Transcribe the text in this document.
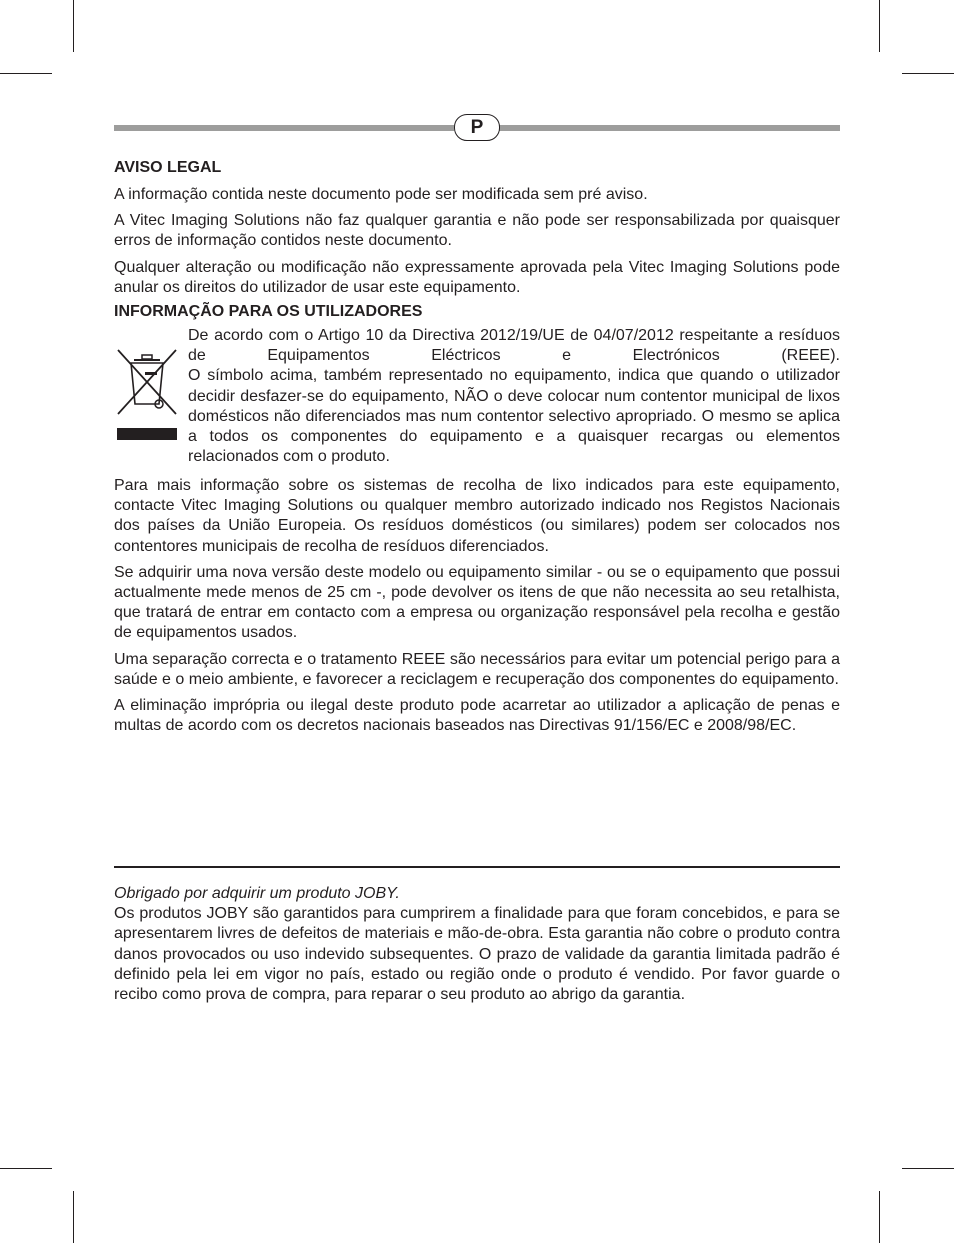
P
AVISO LEGAL

A informação contida neste documento pode ser modificada sem pré aviso.

A Vitec Imaging Solutions não faz qualquer garantia e não pode ser responsabilizada por quaisquer erros de informação contidos neste documento.

Qualquer alteração ou modificação não expressamente aprovada pela Vitec Imaging Solutions pode anular os direitos do utilizador de usar este equipamento.

INFORMAÇÃO PARA OS UTILIZADORES

De acordo com o Artigo 10 da Directiva 2012/19/UE de 04/07/2012 respeitante a resíduos de Equipamentos Eléctricos e Electrónicos (REEE).

O símbolo acima, também representado no equipamento, indica que quando o utilizador decidir desfazer-se do equipamento, NÃO o deve colocar num contentor municipal de lixos domésticos não diferenciados mas num contentor selectivo apropriado. O mesmo se aplica a todos os componentes do equipamento e a quaisquer recargas ou elementos relacionados com o produto.

Para mais informação sobre os sistemas de recolha de lixo indicados para este equipamento, contacte Vitec Imaging Solutions ou qualquer membro autorizado indicado nos Registos Nacionais dos países da União Europeia. Os resíduos domésticos (ou similares) podem ser colocados nos contentores municipais de recolha de resíduos diferenciados.

Se adquirir uma nova versão deste modelo ou equipamento similar - ou se o equipamento que possui actualmente mede menos de 25 cm -, pode devolver os itens de que não necessita ao seu retalhista, que tratará de entrar em contacto com a empresa ou organização responsável pela recolha e gestão de equipamentos usados.

Uma separação correcta e o tratamento REEE são necessários para evitar um potencial perigo para a saúde e o meio ambiente, e favorecer a reciclagem e recuperação dos componentes do equipamento.

A eliminação imprópria ou ilegal deste produto pode acarretar ao utilizador a aplicação de penas e multas de acordo com os decretos nacionais baseados nas Directivas 91/156/EC e 2008/98/EC.

Obrigado por adquirir um produto JOBY.

Os produtos JOBY são garantidos para cumprirem a finalidade para que foram concebidos, e para se apresentarem livres de defeitos de materiais e mão-de-obra. Esta garantia não cobre o produto contra danos provocados ou uso indevido subsequentes. O prazo de validade da garantia limitada padrão é definido pela lei em vigor no país, estado ou região onde o produto é vendido. Por favor guarde o recibo como prova de compra, para reparar o seu produto ao abrigo da garantia.
